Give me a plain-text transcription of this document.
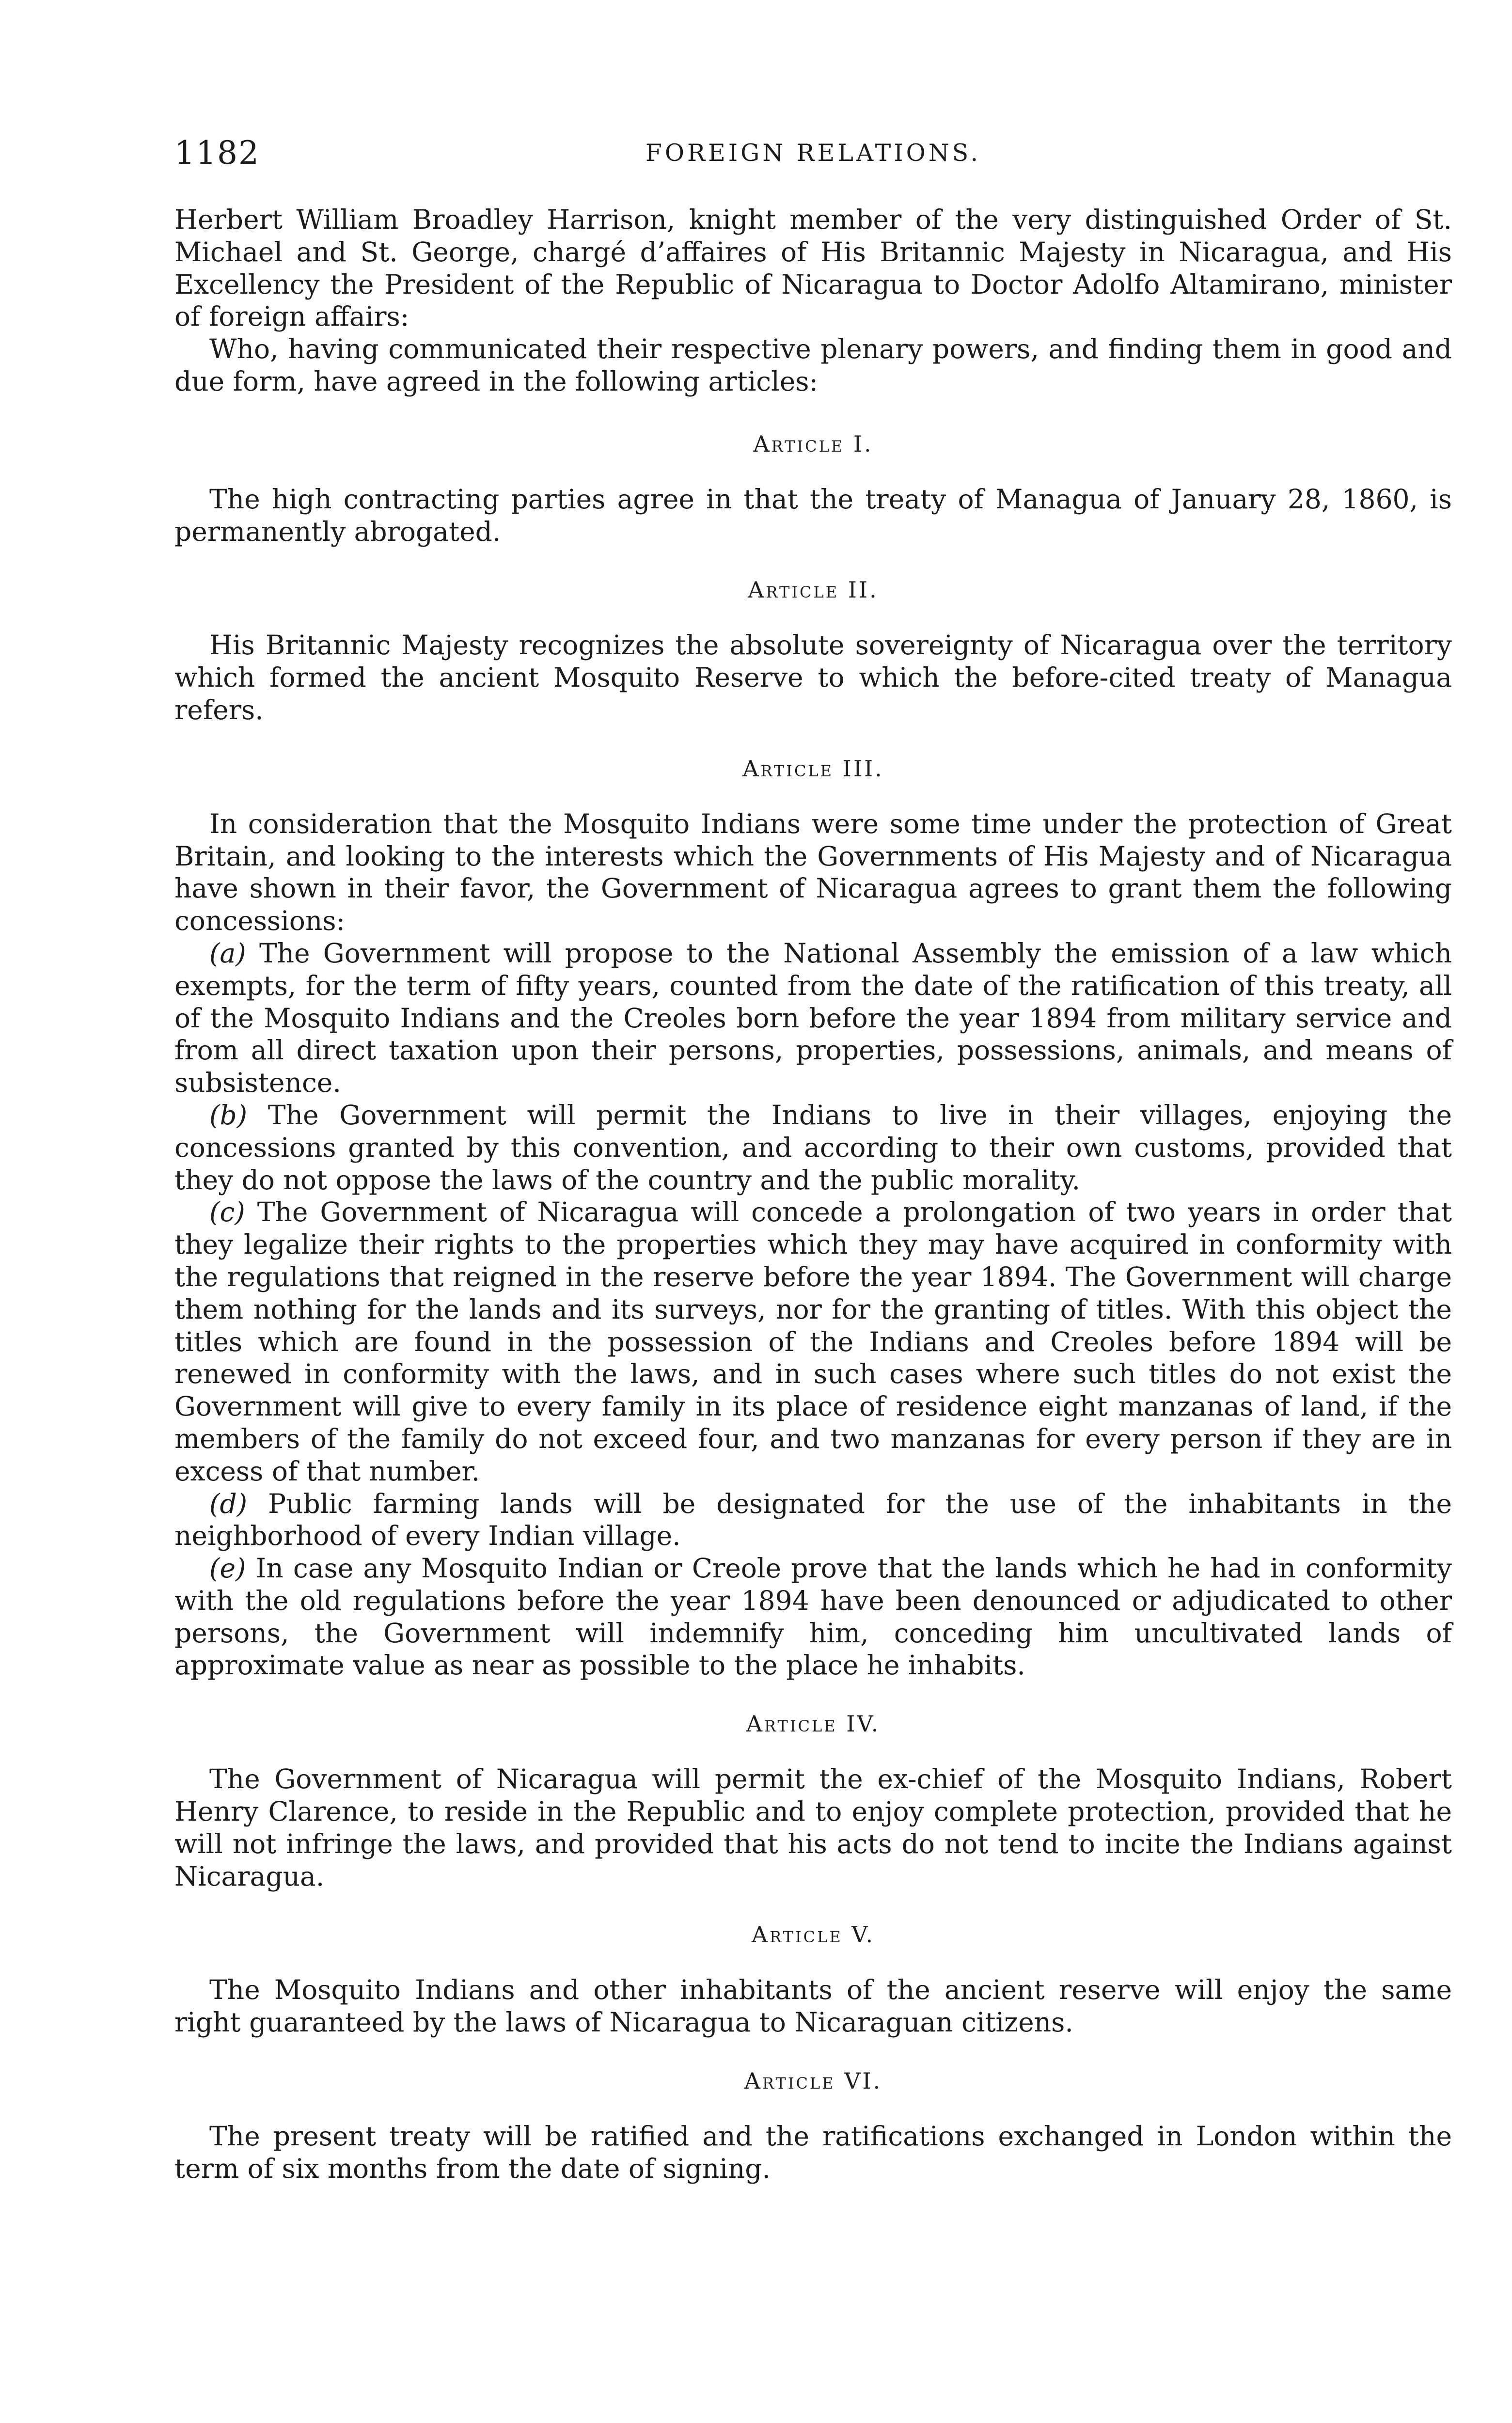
1182	FOREIGN RELATIONS.

Herbert William Broadley Harrison, knight member of the very distinguished Order of St. Michael and St. George, chargé d’affaires of His Britannic Majesty in Nicaragua, and His Excellency the President of the Republic of Nicaragua to Doctor Adolfo Altamirano, minister of foreign affairs:

Who, having communicated their respective plenary powers, and finding them in good and due form, have agreed in the following articles:

Article I.

The high contracting parties agree in that the treaty of Managua of January 28, 1860, is permanently abrogated.

Article II.

His Britannic Majesty recognizes the absolute sovereignty of Nicaragua over the territory which formed the ancient Mosquito Reserve to which the before-cited treaty of Managua refers.

Article III.

In consideration that the Mosquito Indians were some time under the protection of Great Britain, and looking to the interests which the Governments of His Majesty and of Nicaragua have shown in their favor, the Government of Nicaragua agrees to grant them the following concessions:

(a) The Government will propose to the National Assembly the emission of a law which exempts, for the term of fifty years, counted from the date of the ratification of this treaty, all of the Mosquito Indians and the Creoles born before the year 1894 from military service and from all direct taxation upon their persons, properties, possessions, animals, and means of subsistence.

(b) The Government will permit the Indians to live in their villages, enjoying the concessions granted by this convention, and according to their own customs, provided that they do not oppose the laws of the country and the public morality.

(c) The Government of Nicaragua will concede a prolongation of two years in order that they legalize their rights to the properties which they may have acquired in conformity with the regulations that reigned in the reserve before the year 1894. The Government will charge them nothing for the lands and its surveys, nor for the granting of titles. With this object the titles which are found in the possession of the Indians and Creoles before 1894 will be renewed in conformity with the laws, and in such cases where such titles do not exist the Government will give to every family in its place of residence eight manzanas of land, if the members of the family do not exceed four, and two manzanas for every person if they are in excess of that number.

(d) Public farming lands will be designated for the use of the inhabitants in the neighborhood of every Indian village.

(e) In case any Mosquito Indian or Creole prove that the lands which he had in conformity with the old regulations before the year 1894 have been denounced or adjudicated to other persons, the Government will indemnify him, conceding him uncultivated lands of approximate value as near as possible to the place he inhabits.

Article IV.

The Government of Nicaragua will permit the ex-chief of the Mosquito Indians, Robert Henry Clarence, to reside in the Republic and to enjoy complete protection, provided that he will not infringe the laws, and provided that his acts do not tend to incite the Indians against Nicaragua.

Article V.

The Mosquito Indians and other inhabitants of the ancient reserve will enjoy the same right guaranteed by the laws of Nicaragua to Nicaraguan citizens.

Article VI.

The present treaty will be ratified and the ratifications exchanged in London within the term of six months from the date of signing.
